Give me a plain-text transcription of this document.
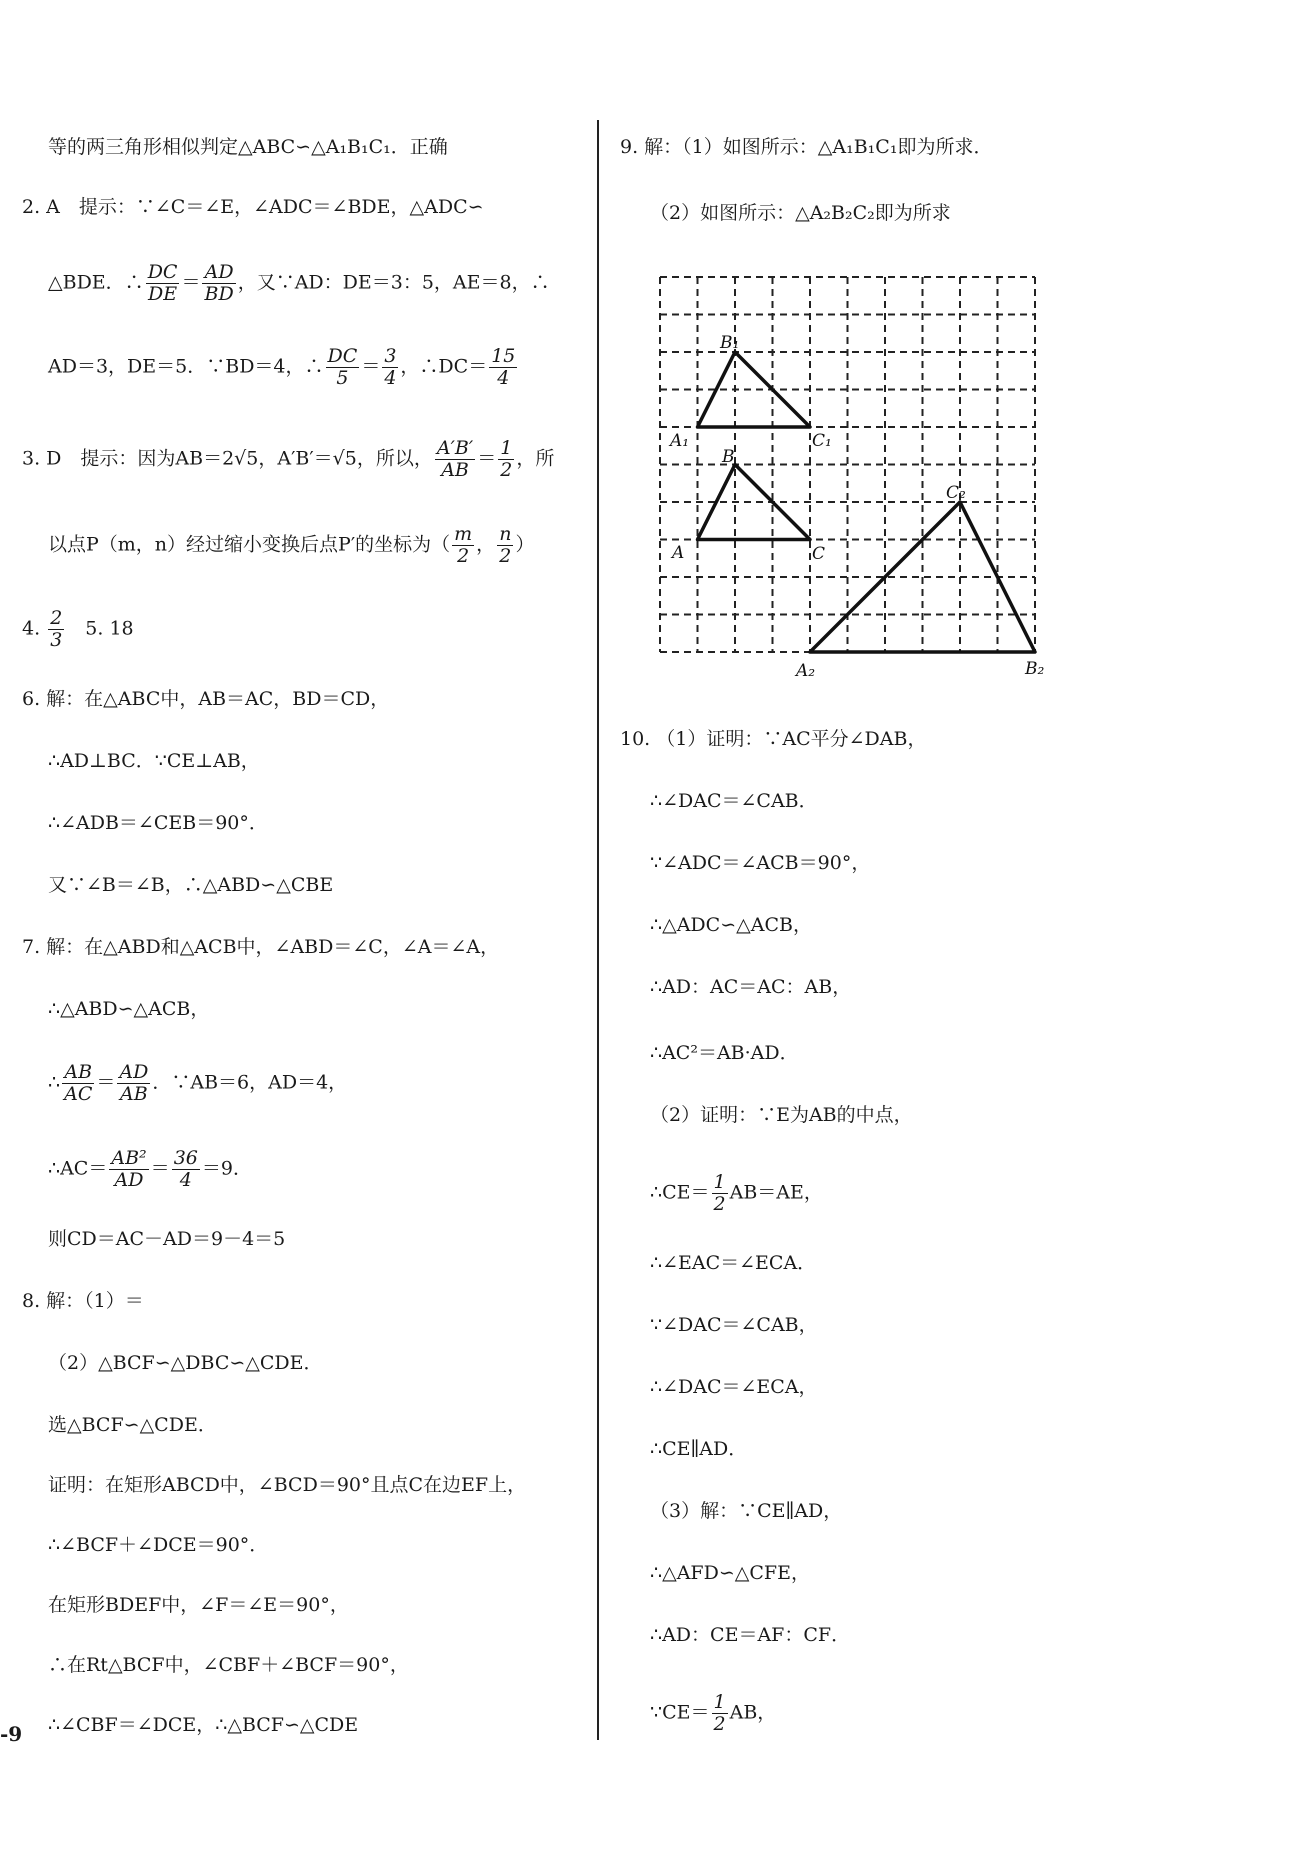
等的两三角形相似判定△ABC∽△A₁B₁C₁．正确
2. A　提示：∵∠C＝∠E，∠ADC＝∠BDE，△ADC∽
△BDE．∴ $\frac{DC}{DE} = \frac{AD}{BD}$ ，又∵AD：DE＝3：5，AE＝8，∴
AD＝3，DE＝5．∵BD＝4，∴ $\frac{DC}{5} = \frac{3}{4}$ ，∴DC＝ $\frac{15}{4}$
3. D　提示：因为AB＝2√5，A′B′＝√5，所以， $\frac{A'B'}{AB} = \frac{1}{2}$ ，所
以点P（m，n）经过缩小变换后点P′的坐标为（ $\frac{m}{2}$ ， $\frac{n}{2}$ ）
4. $\frac{2}{3}$ 　5. 18
6. 解：在△ABC中，AB＝AC，BD＝CD，
∴AD⊥BC．∵CE⊥AB，
∴∠ADB＝∠CEB＝90°．
又∵∠B＝∠B，∴△ABD∽△CBE
7. 解：在△ABD和△ACB中，∠ABD＝∠C，∠A＝∠A，
∴△ABD∽△ACB，
∴ $\frac{AB}{AC} = \frac{AD}{AB}$ ．∵AB＝6，AD＝4，
∴AC＝ $\frac{\text{AB²}}{AD} = \frac{36}{4} =9$．
则CD＝AC－AD＝9－4＝5
8. 解：（1）＝
（2）△BCF∽△DBC∽△CDE．
选△BCF∽△CDE．
证明：在矩形ABCD中，∠BCD＝90°且点C在边EF上，
∴∠BCF＋∠DCE＝90°．
在矩形BDEF中，∠F＝∠E＝90°，
∴在Rt△BCF中，∠CBF＋∠BCF＝90°，
∴∠CBF＝∠DCE，∴△BCF∽△CDE
9. 解：（1）如图所示：△A₁B₁C₁即为所求．
（2）如图所示：△A₂B₂C₂即为所求
B₁
A₁	C₁
B
A	C
C₂
A₂	B₂
10. （1）证明：∵AC平分∠DAB，
∴∠DAC＝∠CAB．
∵∠ADC＝∠ACB＝90°，
∴△ADC∽△ACB，
∴AD：AC＝AC：AB，
∴AC²＝AB·AD．
（2）证明：∵E为AB的中点，
∴CE＝ $\frac{1}{2} AB=AE$，
∴∠EAC＝∠ECA．
∵∠DAC＝∠CAB，
∴∠DAC＝∠ECA，
∴CE∥AD．
（3）解：∵CE∥AD，
∴△AFD∽△CFE，
∴AD：CE＝AF：CF．
∵CE＝ $\frac{1}{2}$ AB，
-9
